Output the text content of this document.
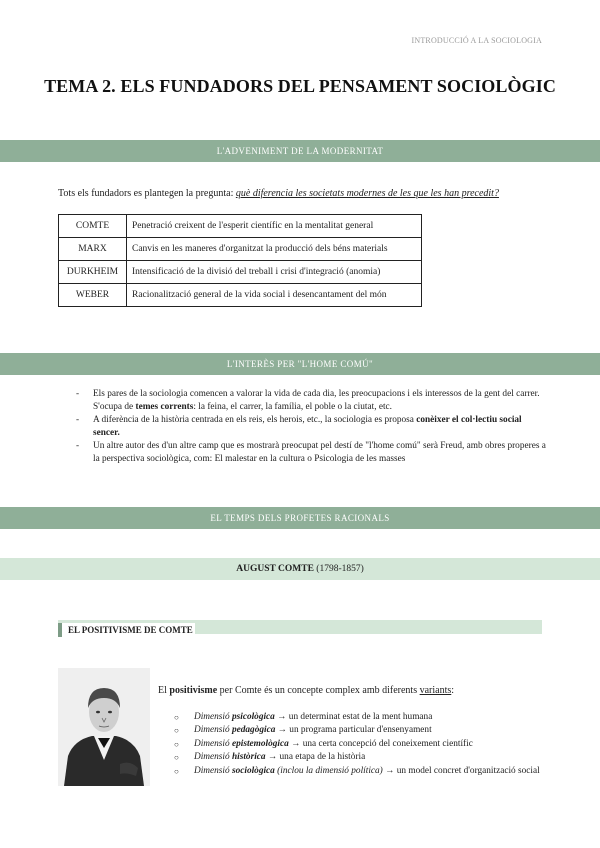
INTRODUCCIÓ A LA SOCIOLOGIA
TEMA 2. ELS FUNDADORS DEL PENSAMENT SOCIOLÒGIC
L'ADVENIMENT DE LA MODERNITAT
Tots els fundadors es plantegen la pregunta: què diferencia les societats modernes de les que les han precedit?
COMTE	Penetració creixent de l'esperit científic en la mentalitat general
MARX	Canvis en les maneres d'organitzat la producció dels béns materials
DURKHEIM	Intensificació de la divisió del treball i crisi d'integració (anomia)
WEBER	Racionalització general de la vida social i desencantament del món
L'INTERÈS PER "L'HOME COMÚ"
- Els pares de la sociologia comencen a valorar la vida de cada dia, les preocupacions i els interessos de la gent del carrer. S'ocupa de temes corrents: la feina, el carrer, la família, el poble o la ciutat, etc.
- A diferència de la història centrada en els reis, els herois, etc., la sociologia es proposa conèixer el col·lectiu social sencer.
- Un altre autor des d'un altre camp que es mostrarà preocupat pel destí de "l'home comú" serà Freud, amb obres properes a la perspectiva sociològica, com: El malestar en la cultura o Psicologia de les masses
EL TEMPS DELS PROFETES RACIONALS
AUGUST COMTE (1798-1857)
EL POSITIVISME DE COMTE
El positivisme per Comte és un concepte complex amb diferents variants:
○ Dimensió psicològica → un determinat estat de la ment humana
○ Dimensió pedagògica → un programa particular d'ensenyament
○ Dimensió epistemològica → una certa concepció del coneixement científic
○ Dimensió històrica → una etapa de la història
○ Dimensió sociològica (inclou la dimensió política) → un model concret d'organització social
